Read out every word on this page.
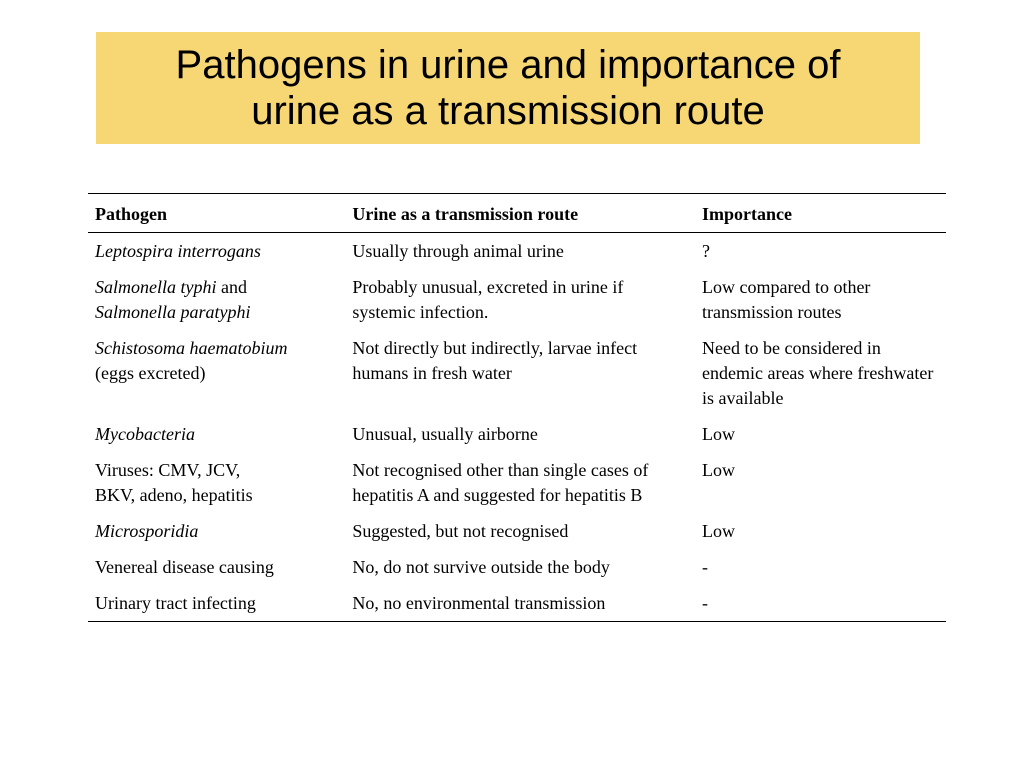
Pathogens in urine and importance of
urine as a transmission route
Pathogen	Urine as a transmission route	Importance

Leptospira interrogans	Usually through animal urine	?

Salmonella typhi and
Salmonella paratyphi	Probably unusual, excreted in urine if systemic infection.	Low compared to other transmission routes

Schistosoma haematobium
(eggs excreted)	Not directly but indirectly, larvae infect humans in fresh water	Need to be considered in endemic areas where freshwater is available

Mycobacteria	Unusual, usually airborne	Low

Viruses: CMV, JCV,
BKV, adeno, hepatitis	Not recognised other than single cases of hepatitis A and suggested for hepatitis B	Low

Microsporidia	Suggested, but not recognised	Low

Venereal disease causing	No, do not survive outside the body	-

Urinary tract infecting	No, no environmental transmission	-
